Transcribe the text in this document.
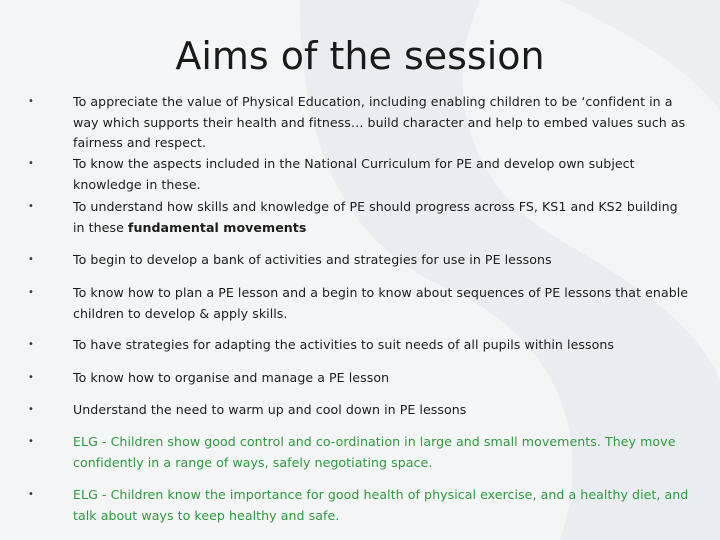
Aims of the session
•	To appreciate the value of Physical Education, including enabling children to be ‘confident in a way which supports their health and fitness… build character and help to embed values such as fairness and respect.
•	To know the aspects included in the National Curriculum for PE and develop own subject knowledge in these.
•	To understand how skills and knowledge of PE should progress across FS, KS1 and KS2 building in these fundamental movements
•	To begin to develop a bank of activities and strategies for use in PE lessons
•	To know how to plan a PE lesson and a begin to know about sequences of PE lessons that enable children to develop & apply skills.
•	To have strategies for adapting the activities to suit needs of all pupils within lessons
•	To know how to organise and manage a PE lesson
•	Understand the need to warm up and cool down in PE lessons
•	ELG - Children show good control and co-ordination in large and small movements. They move confidently in a range of ways, safely negotiating space.
•	ELG - Children know the importance for good health of physical exercise, and a healthy diet, and talk about ways to keep healthy and safe.
